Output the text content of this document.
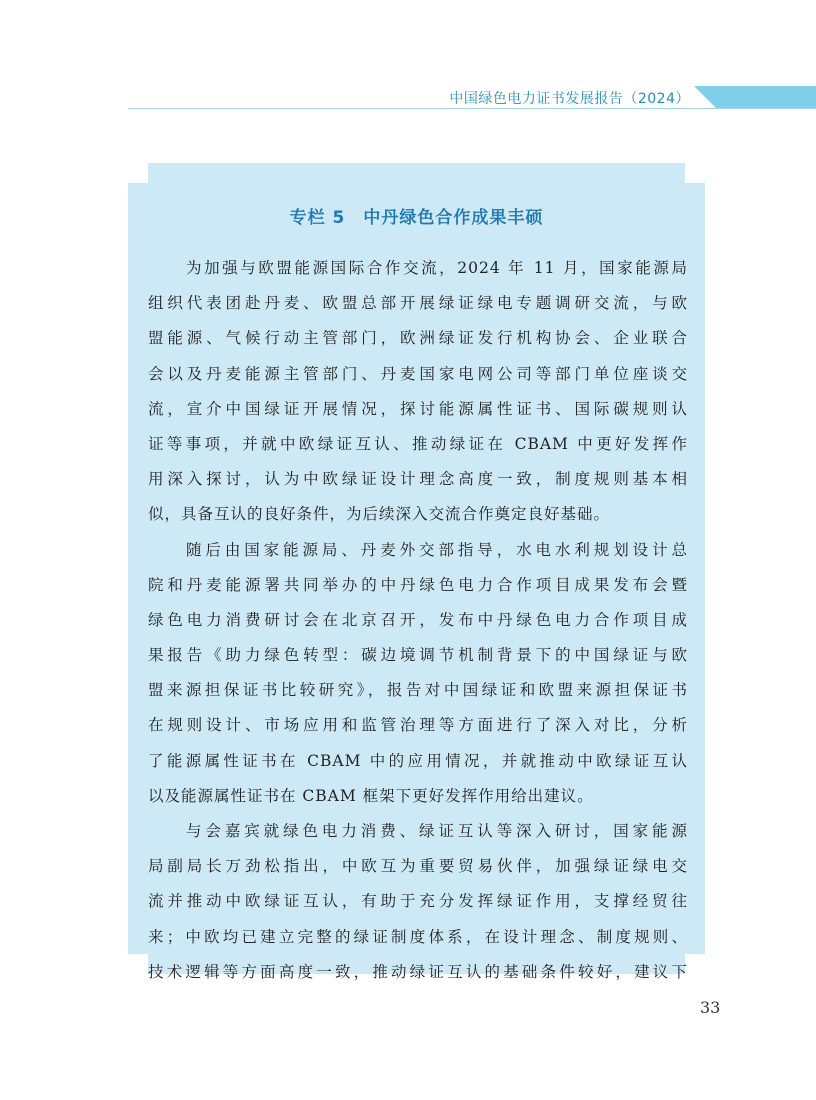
中国绿色电力证书发展报告（2024）
专栏 5　中丹绿色合作成果丰硕
为加强与欧盟能源国际合作交流，2024 年 11 月，国家能源局
组织代表团赴丹麦、欧盟总部开展绿证绿电专题调研交流，与欧
盟能源、气候行动主管部门，欧洲绿证发行机构协会、企业联合
会以及丹麦能源主管部门、丹麦国家电网公司等部门单位座谈交
流，宣介中国绿证开展情况，探讨能源属性证书、国际碳规则认
证等事项，并就中欧绿证互认、推动绿证在 CBAM 中更好发挥作
用深入探讨，认为中欧绿证设计理念高度一致，制度规则基本相
似，具备互认的良好条件，为后续深入交流合作奠定良好基础。
随后由国家能源局、丹麦外交部指导，水电水利规划设计总
院和丹麦能源署共同举办的中丹绿色电力合作项目成果发布会暨
绿色电力消费研讨会在北京召开，发布中丹绿色电力合作项目成
果报告《助力绿色转型：碳边境调节机制背景下的中国绿证与欧
盟来源担保证书比较研究》，报告对中国绿证和欧盟来源担保证书
在规则设计、市场应用和监管治理等方面进行了深入对比，分析
了能源属性证书在 CBAM 中的应用情况，并就推动中欧绿证互认
以及能源属性证书在 CBAM 框架下更好发挥作用给出建议。
与会嘉宾就绿色电力消费、绿证互认等深入研讨，国家能源
局副局长万劲松指出，中欧互为重要贸易伙伴，加强绿证绿电交
流并推动中欧绿证互认，有助于充分发挥绿证作用，支撑经贸往
来；中欧均已建立完整的绿证制度体系，在设计理念、制度规则、
技术逻辑等方面高度一致，推动绿证互认的基础条件较好，建议下
33
